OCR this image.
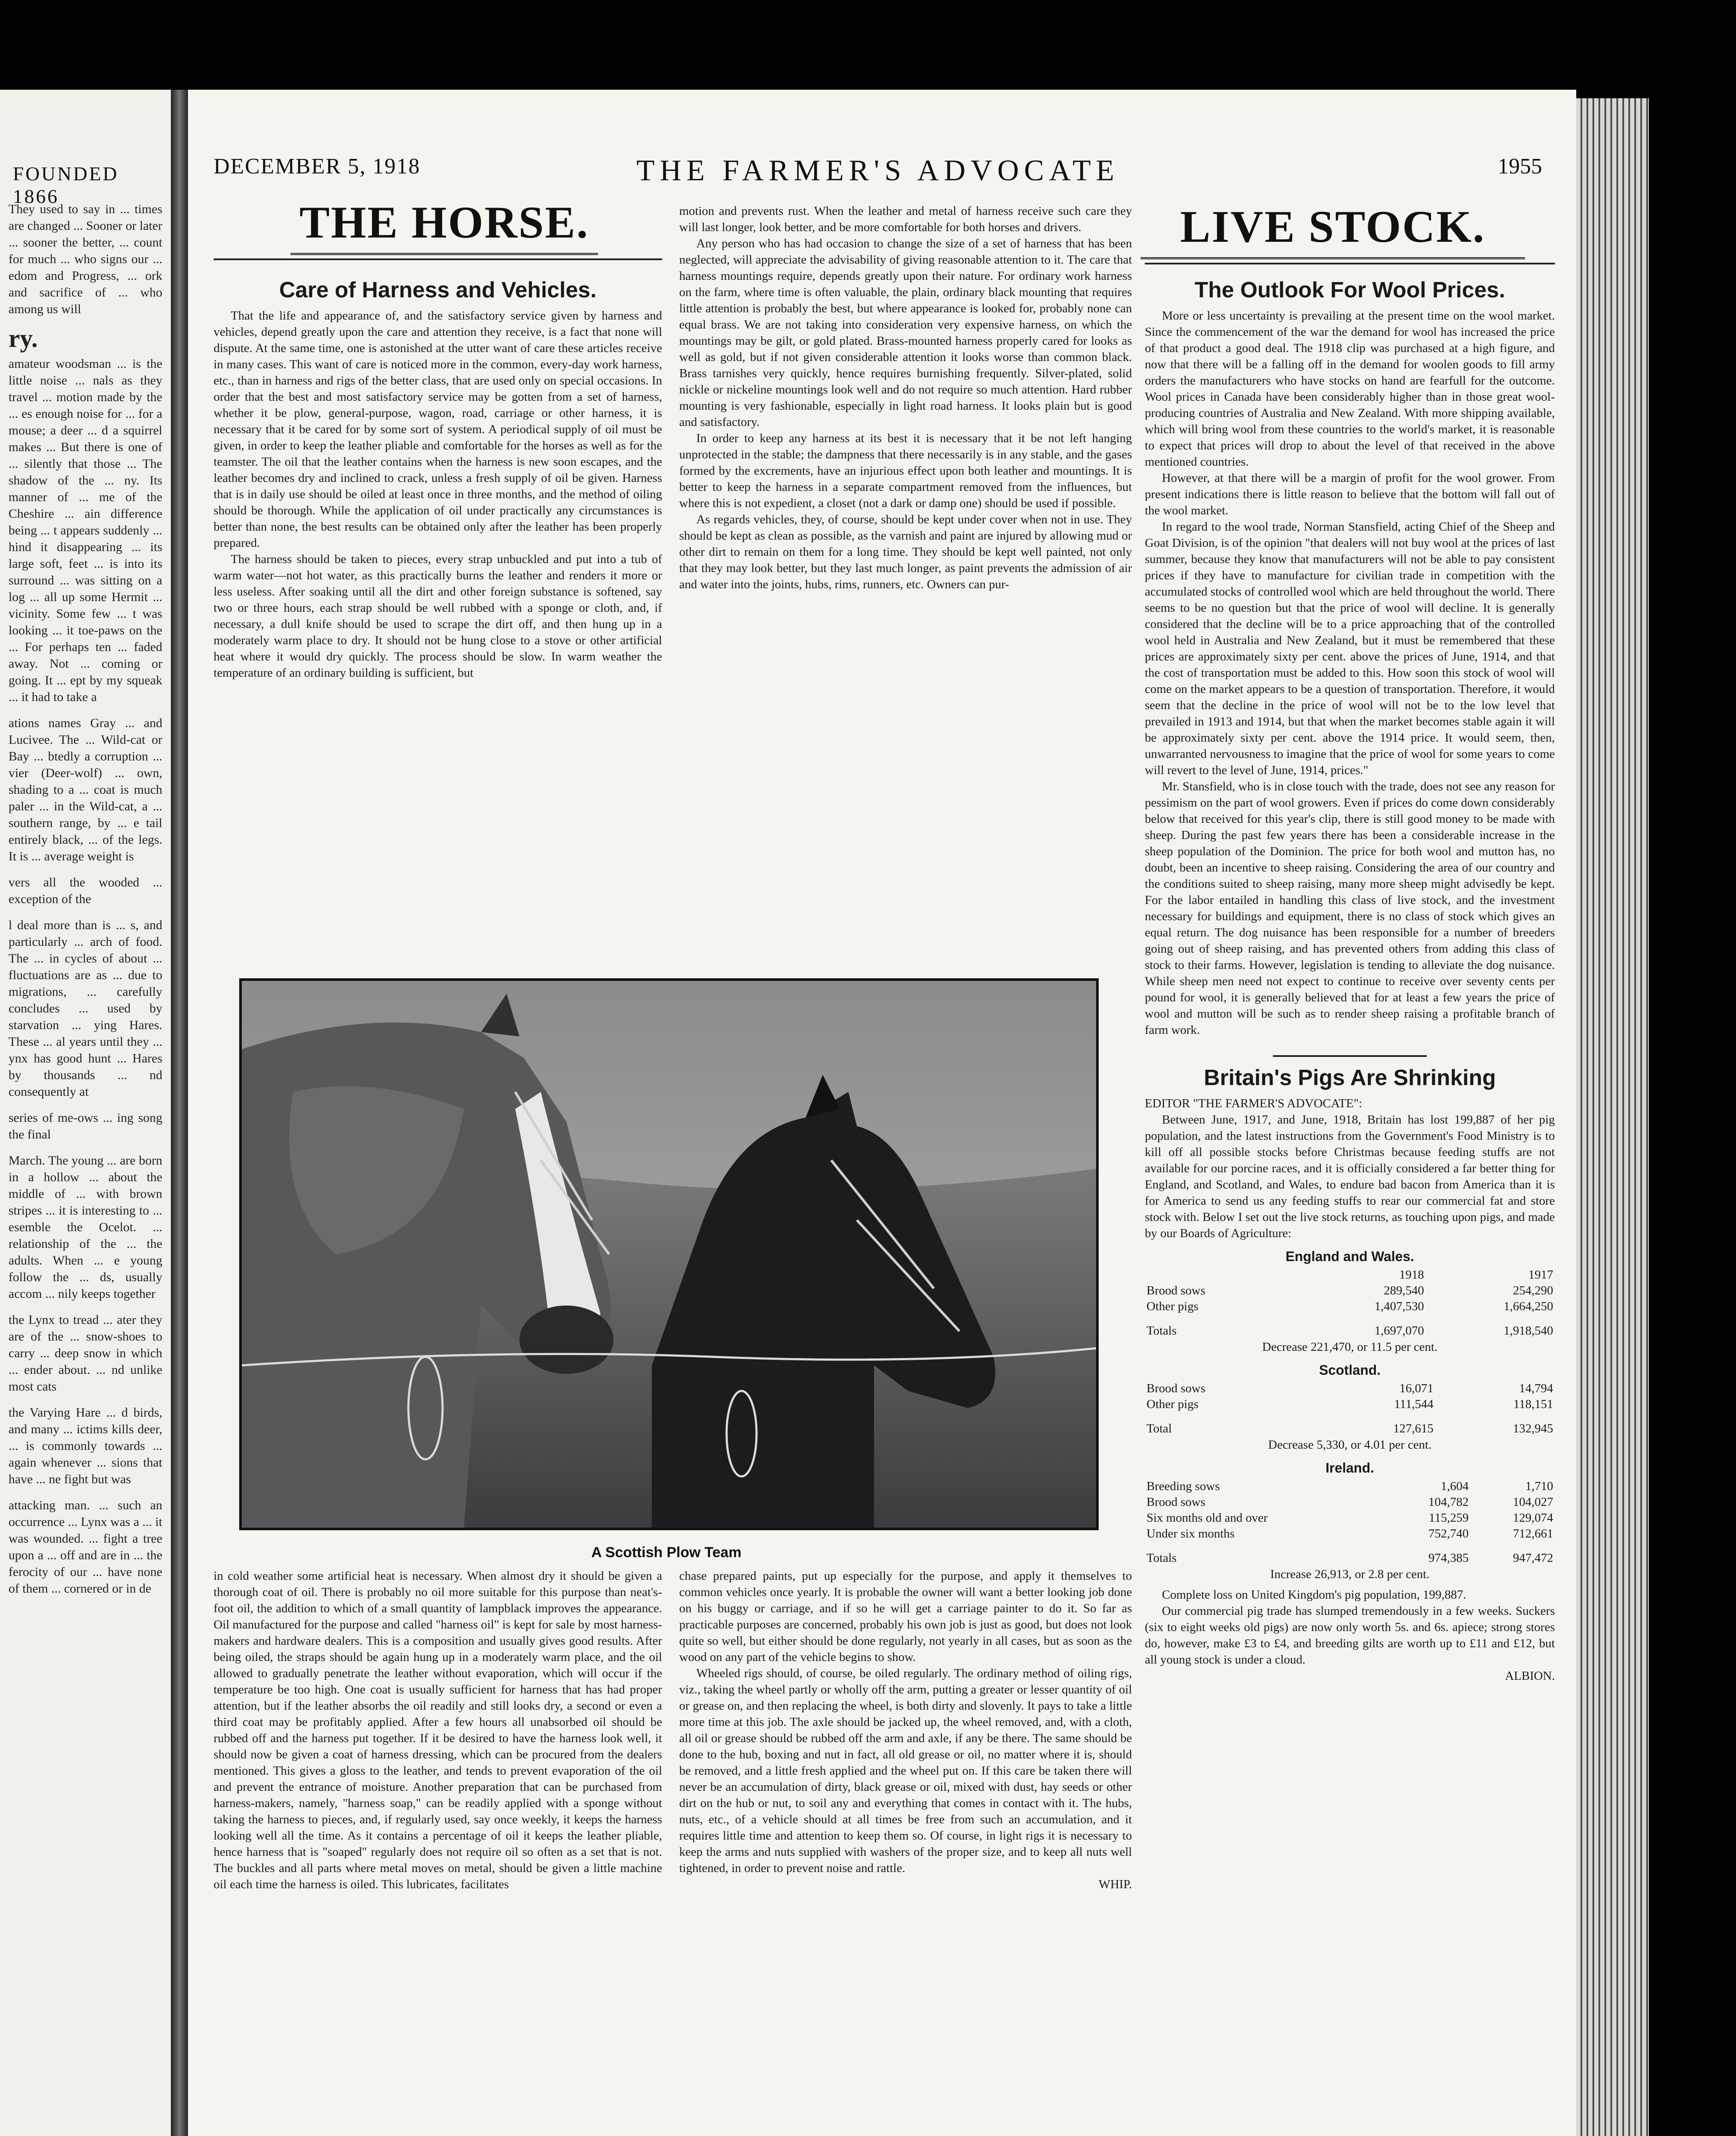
FOUNDED 1866

They used to say in ... times are changed ... Sooner or later ... sooner the better, ... count for much ... who signs our ... edom and Progress, ... ork and sacrifice of ... who among us will

ry.

amateur woodsman ... is the little noise ... nals as they travel ... motion made by the ... es enough noise for ... for a mouse; a deer ... d a squirrel makes ... But there is one of ... silently that those ... The shadow of the ... ny. Its manner of ... me of the Cheshire ... ain difference being ... t appears suddenly ... hind it disappearing ... its large soft, feet ... is into its surround ... was sitting on a log ... all up some Hermit ... vicinity. Some few ... t was looking ... it toe-paws on the ... For perhaps ten ... faded away. Not ... coming or going. It ... ept by my squeak ... it had to take a

ations names Gray ... and Lucivee. The ... Wild-cat or Bay ... btedly a corruption ... vier (Deer-wolf) ... own, shading to a ... coat is much paler ... in the Wild-cat, a ... southern range, by ... e tail entirely black, ... of the legs. It is ... average weight is

vers all the wooded ... exception of the

l deal more than is ... s, and particularly ... arch of food. The ... in cycles of about ... fluctuations are as ... due to migrations, ... carefully concludes ... used by starvation ... ying Hares. These ... al years until they ... ynx has good hunt ... Hares by thousands ... nd consequently at

series of me-ows ... ing song the final

March. The young ... are born in a hollow ... about the middle of ... with brown stripes ... it is interesting to ... esemble the Ocelot. ... relationship of the ... the adults. When ... e young follow the ... ds, usually accom ... nily keeps together

the Lynx to tread ... ater they are of the ... snow-shoes to carry ... deep snow in which ... ender about. ... nd unlike most cats

the Varying Hare ... d birds, and many ... ictims kills deer, ... is commonly towards ... again whenever ... sions that have ... ne fight but was

attacking man. ... such an occurrence ... Lynx was a ... it was wounded. ... fight a tree upon a ... off and are in ... the ferocity of our ... have none of them ... cornered or in de

THE FARMER'S ADVOCATE
DECEMBER 5, 1918	1955
THE HORSE.
Care of Harness and Vehicles.

That the life and appearance of, and the satisfactory service given by harness and vehicles, depend greatly upon the care and attention they receive, is a fact that none will dispute. At the same time, one is astonished at the utter want of care these articles receive in many cases. This want of care is noticed more in the common, every-day work harness, etc., than in harness and rigs of the better class, that are used only on special occasions. In order that the best and most satisfactory service may be gotten from a set of harness, whether it be plow, general-purpose, wagon, road, carriage or other harness, it is necessary that it be cared for by some sort of system. A periodical supply of oil must be given, in order to keep the leather pliable and comfortable for the horses as well as for the teamster. The oil that the leather contains when the harness is new soon escapes, and the leather becomes dry and inclined to crack, unless a fresh supply of oil be given. Harness that is in daily use should be oiled at least once in three months, and the method of oiling should be thorough. While the application of oil under practically any circumstances is better than none, the best results can be obtained only after the leather has been properly prepared.

The harness should be taken to pieces, every strap unbuckled and put into a tub of warm water—not hot water, as this practically burns the leather and renders it more or less useless. After soaking until all the dirt and other foreign substance is softened, say two or three hours, each strap should be well rubbed with a sponge or cloth, and, if necessary, a dull knife should be used to scrape the dirt off, and then hung up in a moderately warm place to dry. It should not be hung close to a stove or other artificial heat where it would dry quickly. The process should be slow. In warm weather the temperature of an ordinary building is sufficient, but

motion and prevents rust. When the leather and metal of harness receive such care they will last longer, look better, and be more comfortable for both horses and drivers.

Any person who has had occasion to change the size of a set of harness that has been neglected, will appreciate the advisability of giving reasonable attention to it. The care that harness mountings require, depends greatly upon their nature. For ordinary work harness on the farm, where time is often valuable, the plain, ordinary black mounting that requires little attention is probably the best, but where appearance is looked for, probably none can equal brass. We are not taking into consideration very expensive harness, on which the mountings may be gilt, or gold plated. Brass-mounted harness properly cared for looks as well as gold, but if not given considerable attention it looks worse than common black. Brass tarnishes very quickly, hence requires burnishing frequently. Silver-plated, solid nickle or nickeline mountings look well and do not require so much attention. Hard rubber mounting is very fashionable, especially in light road harness. It looks plain but is good and satisfactory.

In order to keep any harness at its best it is necessary that it be not left hanging unprotected in the stable; the dampness that there necessarily is in any stable, and the gases formed by the excrements, have an injurious effect upon both leather and mountings. It is better to keep the harness in a separate compartment removed from the influences, but where this is not expedient, a closet (not a dark or damp one) should be used if possible.

As regards vehicles, they, of course, should be kept under cover when not in use. They should be kept as clean as possible, as the varnish and paint are injured by allowing mud or other dirt to remain on them for a long time. They should be kept well painted, not only that they may look better, but they last much longer, as paint prevents the admission of air and water into the joints, hubs, rims, runners, etc. Owners can pur-

A Scottish Plow Team

in cold weather some artificial heat is necessary. When almost dry it should be given a thorough coat of oil. There is probably no oil more suitable for this purpose than neat's-foot oil, the addition to which of a small quantity of lampblack improves the appearance. Oil manufactured for the purpose and called "harness oil" is kept for sale by most harness-makers and hardware dealers. This is a composition and usually gives good results. After being oiled, the straps should be again hung up in a moderately warm place, and the oil allowed to gradually penetrate the leather without evaporation, which will occur if the temperature be too high. One coat is usually sufficient for harness that has had proper attention, but if the leather absorbs the oil readily and still looks dry, a second or even a third coat may be profitably applied. After a few hours all unabsorbed oil should be rubbed off and the harness put together. If it be desired to have the harness look well, it should now be given a coat of harness dressing, which can be procured from the dealers mentioned. This gives a gloss to the leather, and tends to prevent evaporation of the oil and prevent the entrance of moisture. Another preparation that can be purchased from harness-makers, namely, "harness soap," can be readily applied with a sponge without taking the harness to pieces, and, if regularly used, say once weekly, it keeps the harness looking well all the time. As it contains a percentage of oil it keeps the leather pliable, hence harness that is "soaped" regularly does not require oil so often as a set that is not. The buckles and all parts where metal moves on metal, should be given a little machine oil each time the harness is oiled. This lubricates, facilitates

chase prepared paints, put up especially for the purpose, and apply it themselves to common vehicles once yearly. It is probable the owner will want a better looking job done on his buggy or carriage, and if so he will get a carriage painter to do it. So far as practicable purposes are concerned, probably his own job is just as good, but does not look quite so well, but either should be done regularly, not yearly in all cases, but as soon as the wood on any part of the vehicle begins to show.

Wheeled rigs should, of course, be oiled regularly. The ordinary method of oiling rigs, viz., taking the wheel partly or wholly off the arm, putting a greater or lesser quantity of oil or grease on, and then replacing the wheel, is both dirty and slovenly. It pays to take a little more time at this job. The axle should be jacked up, the wheel removed, and, with a cloth, all oil or grease should be rubbed off the arm and axle, if any be there. The same should be done to the hub, boxing and nut in fact, all old grease or oil, no matter where it is, should be removed, and a little fresh applied and the wheel put on. If this care be taken there will never be an accumulation of dirty, black grease or oil, mixed with dust, hay seeds or other dirt on the hub or nut, to soil any and everything that comes in contact with it. The hubs, nuts, etc., of a vehicle should at all times be free from such an accumulation, and it requires little time and attention to keep them so. Of course, in light rigs it is necessary to keep the arms and nuts supplied with washers of the proper size, and to keep all nuts well tightened, in order to prevent noise and rattle.

WHIP.
LIVE STOCK.
The Outlook For Wool Prices.

More or less uncertainty is prevailing at the present time on the wool market. Since the commencement of the war the demand for wool has increased the price of that product a good deal. The 1918 clip was purchased at a high figure, and now that there will be a falling off in the demand for woolen goods to fill army orders the manufacturers who have stocks on hand are fearfull for the outcome. Wool prices in Canada have been considerably higher than in those great wool-producing countries of Australia and New Zealand. With more shipping available, which will bring wool from these countries to the world's market, it is reasonable to expect that prices will drop to about the level of that received in the above mentioned countries.

However, at that there will be a margin of profit for the wool grower. From present indications there is little reason to believe that the bottom will fall out of the wool market.

In regard to the wool trade, Norman Stansfield, acting Chief of the Sheep and Goat Division, is of the opinion "that dealers will not buy wool at the prices of last summer, because they know that manufacturers will not be able to pay consistent prices if they have to manufacture for civilian trade in competition with the accumulated stocks of controlled wool which are held throughout the world. There seems to be no question but that the price of wool will decline. It is generally considered that the decline will be to a price approaching that of the controlled wool held in Australia and New Zealand, but it must be remembered that these prices are approximately sixty per cent. above the prices of June, 1914, and that the cost of transportation must be added to this. How soon this stock of wool will come on the market appears to be a question of transportation. Therefore, it would seem that the decline in the price of wool will not be to the low level that prevailed in 1913 and 1914, but that when the market becomes stable again it will be approximately sixty per cent. above the 1914 price. It would seem, then, unwarranted nervousness to imagine that the price of wool for some years to come will revert to the level of June, 1914, prices."

Mr. Stansfield, who is in close touch with the trade, does not see any reason for pessimism on the part of wool growers. Even if prices do come down considerably below that received for this year's clip, there is still good money to be made with sheep. During the past few years there has been a considerable increase in the sheep population of the Dominion. The price for both wool and mutton has, no doubt, been an incentive to sheep raising. Considering the area of our country and the conditions suited to sheep raising, many more sheep might advisedly be kept. For the labor entailed in handling this class of live stock, and the investment necessary for buildings and equipment, there is no class of stock which gives an equal return. The dog nuisance has been responsible for a number of breeders going out of sheep raising, and has prevented others from adding this class of stock to their farms. However, legislation is tending to alleviate the dog nuisance. While sheep men need not expect to continue to receive over seventy cents per pound for wool, it is generally believed that for at least a few years the price of wool and mutton will be such as to render sheep raising a profitable branch of farm work.

Britain's Pigs Are Shrinking

EDITOR "THE FARMER'S ADVOCATE":

Between June, 1917, and June, 1918, Britain has lost 199,887 of her pig population, and the latest instructions from the Government's Food Ministry is to kill off all possible stocks before Christmas because feeding stuffs are not available for our porcine races, and it is officially considered a far better thing for England, and Scotland, and Wales, to endure bad bacon from America than it is for America to send us any feeding stuffs to rear our commercial fat and store stock with. Below I set out the live stock returns, as touching upon pigs, and made by our Boards of Agriculture:

England and Wales.
	1918	1917
Brood sows	289,540	254,290
Other pigs	1,407,530	1,664,250
Totals	1,697,070	1,918,540
Decrease 221,470, or 11.5 per cent.
Scotland.
Brood sows	16,071	14,794
Other pigs	111,544	118,151
Total	127,615	132,945
Decrease 5,330, or 4.01 per cent.
Ireland.
Breeding sows	1,604	1,710
Brood sows	104,782	104,027
Six months old and over	115,259	129,074
Under six months	752,740	712,661
Totals	974,385	947,472
Increase 26,913, or 2.8 per cent.

Complete loss on United Kingdom's pig population, 199,887.

Our commercial pig trade has slumped tremendously in a few weeks. Suckers (six to eight weeks old pigs) are now only worth 5s. and 6s. apiece; strong stores do, however, make £3 to £4, and breeding gilts are worth up to £11 and £12, but all young stock is under a cloud.

ALBION.
